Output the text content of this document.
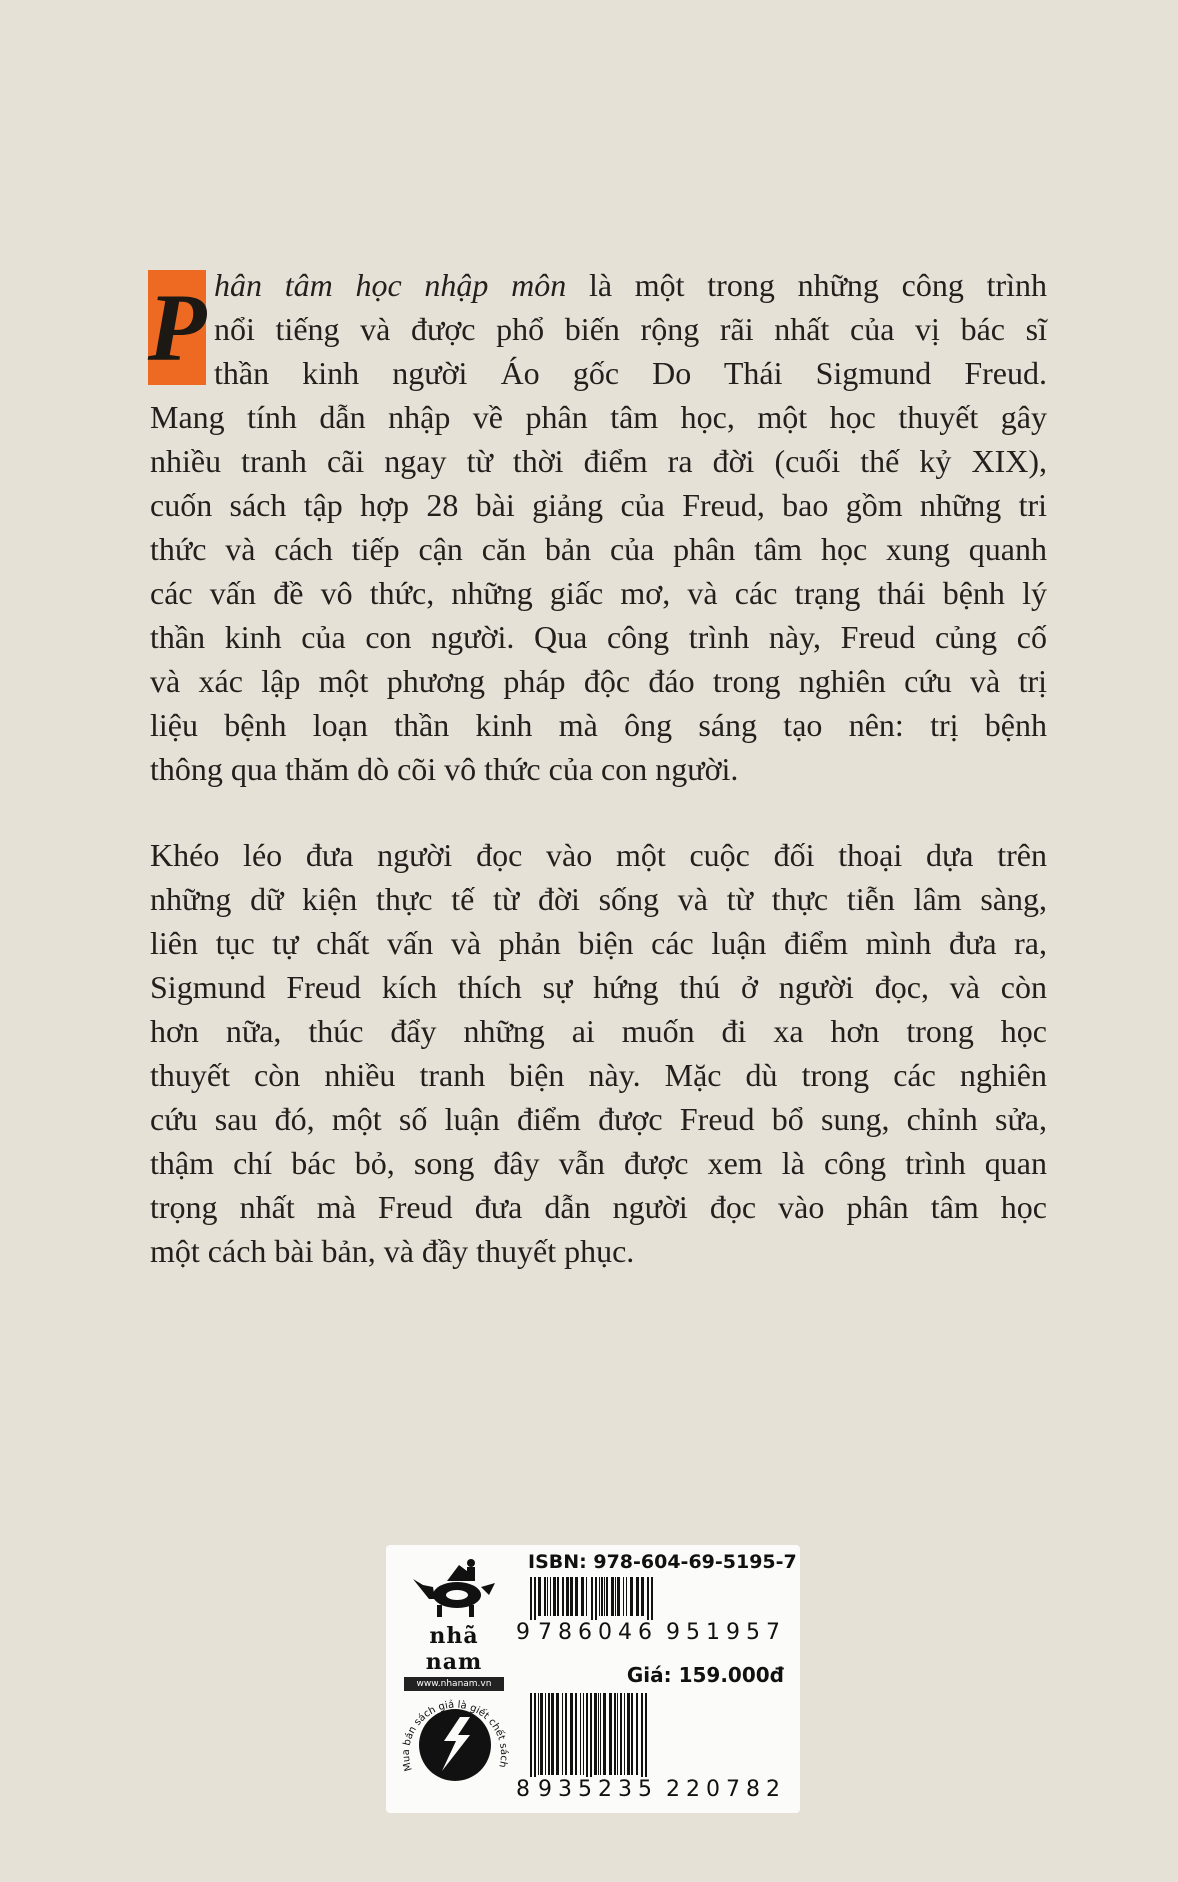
P hân tâm học nhập môn là một trong những công trình
nổi tiếng và được phổ biến rộng rãi nhất của vị bác sĩ
thần kinh người Áo gốc Do Thái Sigmund Freud.
Mang tính dẫn nhập về phân tâm học, một học thuyết gây
nhiều tranh cãi ngay từ thời điểm ra đời (cuối thế kỷ XIX),
cuốn sách tập hợp 28 bài giảng của Freud, bao gồm những tri
thức và cách tiếp cận căn bản của phân tâm học xung quanh
các vấn đề vô thức, những giấc mơ, và các trạng thái bệnh lý
thần kinh của con người. Qua công trình này, Freud củng cố
và xác lập một phương pháp độc đáo trong nghiên cứu và trị
liệu bệnh loạn thần kinh mà ông sáng tạo nên: trị bệnh
thông qua thăm dò cõi vô thức của con người.
Khéo léo đưa người đọc vào một cuộc đối thoại dựa trên
những dữ kiện thực tế từ đời sống và từ thực tiễn lâm sàng,
liên tục tự chất vấn và phản biện các luận điểm mình đưa ra,
Sigmund Freud kích thích sự hứng thú ở người đọc, và còn
hơn nữa, thúc đẩy những ai muốn đi xa hơn trong học
thuyết còn nhiều tranh biện này. Mặc dù trong các nghiên
cứu sau đó, một số luận điểm được Freud bổ sung, chỉnh sửa,
thậm chí bác bỏ, song đây vẫn được xem là công trình quan
trọng nhất mà Freud đưa dẫn người đọc vào phân tâm học
một cách bài bản, và đầy thuyết phục.
nhã nam
www.nhanam.vn
Mua bán sách giả là giết chết sách
ISBN: 978-604-69-5195-7
9 786046 951957
Giá: 159.000đ
8 935235 220782
